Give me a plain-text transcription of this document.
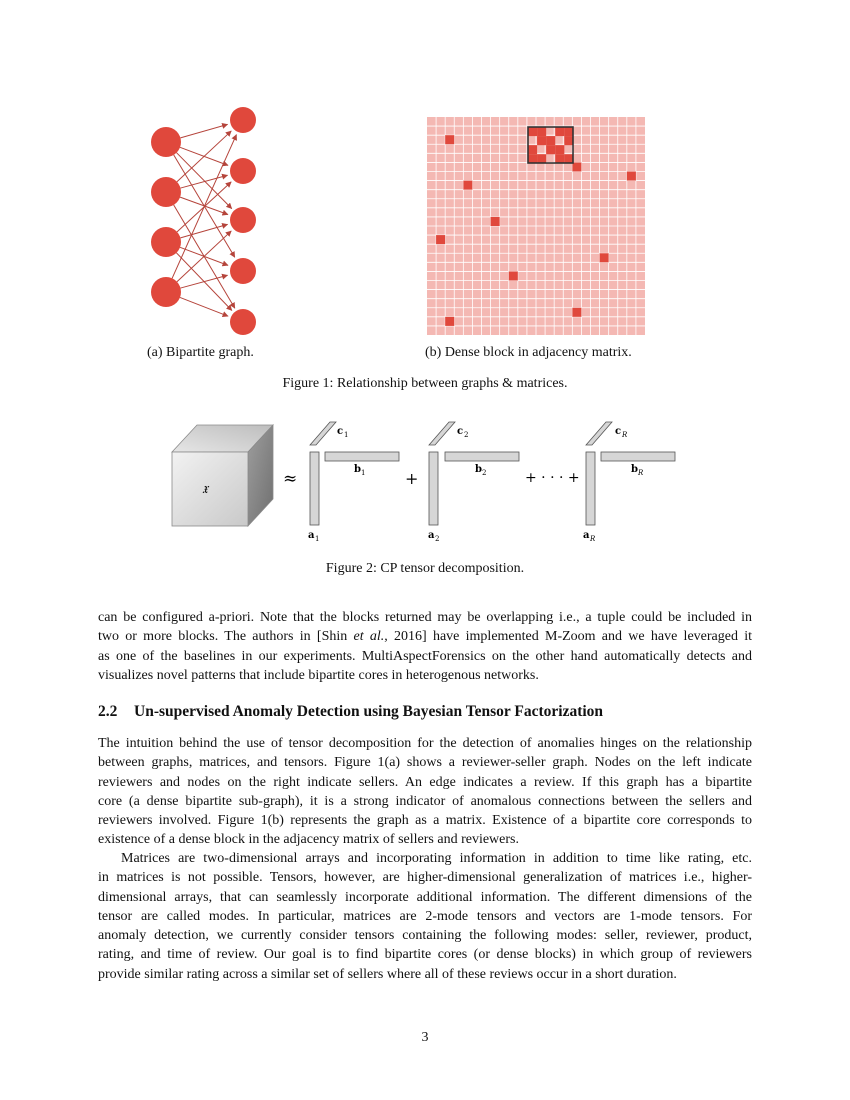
(a) Bipartite graph.	(b) Dense block in adjacency matrix.
Figure 1: Relationship between graphs & matrices.
𝔵	≈
c 1
b 1
a 1
+
c 2
b 2
a 2
+ · · · +
c R
b R
a R
Figure 2: CP tensor decomposition.
can be configured a-priori. Note that the blocks returned may be overlapping i.e., a tuple could be included in
two or more blocks. The authors in [Shin et al., 2016] have implemented M-Zoom and we have leveraged it
as one of the baselines in our experiments. MultiAspectForensics on the other hand automatically detects and
visualizes novel patterns that include bipartite cores in heterogenous networks.
2.2 Un-supervised Anomaly Detection using Bayesian Tensor Factorization
The intuition behind the use of tensor decomposition for the detection of anomalies hinges on the relationship
between graphs, matrices, and tensors. Figure 1(a) shows a reviewer-seller graph. Nodes on the left indicate
reviewers and nodes on the right indicate sellers. An edge indicates a review. If this graph has a bipartite
core (a dense bipartite sub-graph), it is a strong indicator of anomalous connections between the sellers and
reviewers involved. Figure 1(b) represents the graph as a matrix. Existence of a bipartite core corresponds to
existence of a dense block in the adjacency matrix of sellers and reviewers.
Matrices are two-dimensional arrays and incorporating information in addition to time like rating, etc.
in matrices is not possible. Tensors, however, are higher-dimensional generalization of matrices i.e., higher-
dimensional arrays, that can seamlessly incorporate additional information. The different dimensions of the
tensor are called modes. In particular, matrices are 2-mode tensors and vectors are 1-mode tensors. For
anomaly detection, we currently consider tensors containing the following modes: seller, reviewer, product,
rating, and time of review. Our goal is to find bipartite cores (or dense blocks) in which group of reviewers
provide similar rating across a similar set of sellers where all of these reviews occur in a short duration.
3
